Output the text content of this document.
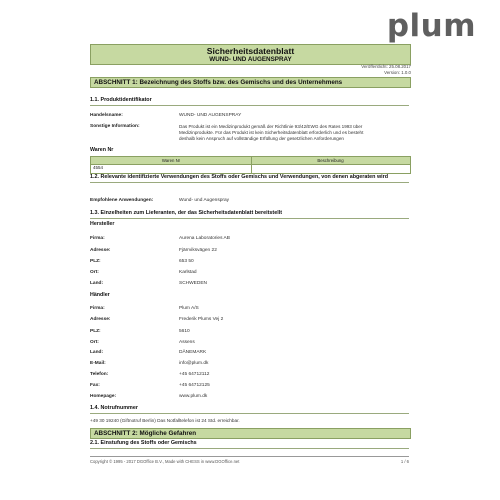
plum
Sicherheitsdatenblatt
WUND- UND AUGENSPRAY
Veröffentlicht: 25.08.2017
Version: 1.0.0
ABSCHNITT 1: Bezeichnung des Stoffs bzw. des Gemischs und des Unternehmens
1.1. Produktidentifikator
Handelsname:	WUND- UND AUGENSPRAY
Sonstige Information:	Das Produkt ist ein Medizinprodukt gemäß der Richtlinie 93/42/EWG des Rates 1993 über
Medizinprodukte. Für das Produkt ist kein Sicherheitsdatenblatt erforderlich und es besteht
deshalb kein Anspruch auf vollständige Erfüllung der gesetzlichen Anforderungen
Waren Nr
Waren Nr	Beschreibung
4554
1.2. Relevante identifizierte Verwendungen des Stoffs oder Gemischs und Verwendungen, von denen abgeraten wird
Empfohlene Anwendungen:	Wund- und Augenspray
1.3. Einzelheiten zum Lieferanten, der das Sicherheitsdatenblatt bereitstellt
Hersteller
Firma:	Aurena Laboratories AB
Adresse:	Fjärrviksvägen 22
PLZ:	653 50
Ort:	Karlstad
Land:	SCHWEDEN
Händler
Firma:	Plum A/S
Adresse:	Frederik Plums Vej 2
PLZ:	5610
Ort:	Assens
Land:	DÄNEMARK
E-Mail:	info@plum.dk
Telefon:	+45 64712112
Fax:	+45 64712125
Homepage:	www.plum.dk
1.4. Notrufnummer
+49 30 19240 (Giftnotruf Berlin) Das Notfalltelefon ist 24 Std. erreichbar.
ABSCHNITT 2: Mögliche Gefahren
2.1. Einstufung des Stoffs oder Gemischs
Copyright © 1995 - 2017 DGOffice B.V., Made with CHESS in www.DGOffice.net	1 / 6
